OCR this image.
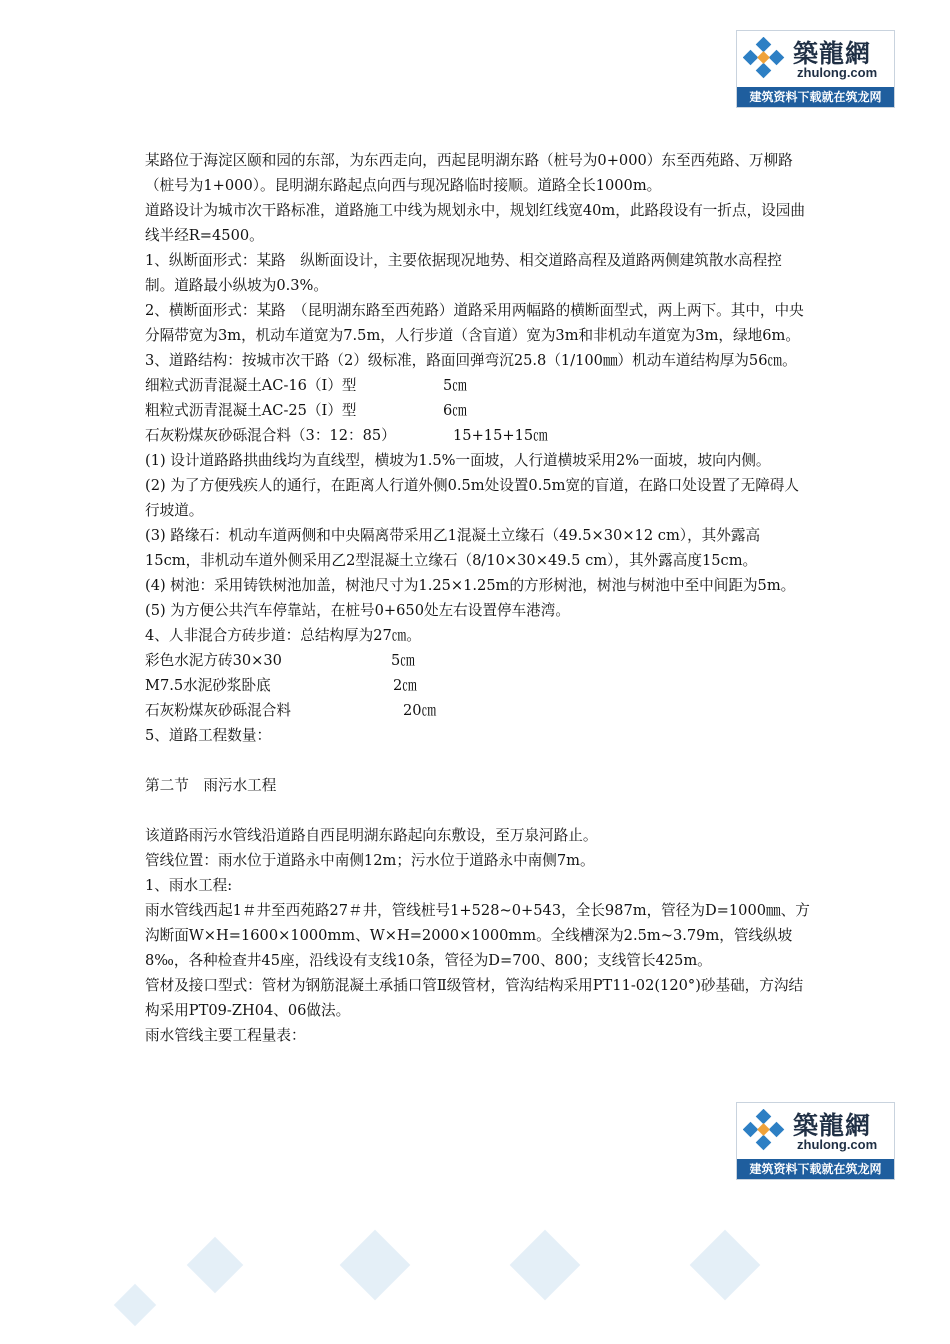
築龍網
zhulong.com
建筑资料下载就在筑龙网

某路位于海淀区颐和园的东部，为东西走向，西起昆明湖东路（桩号为0+000）东至西苑路、万柳路（桩号为1+000）。昆明湖东路起点向西与现况路临时接顺。道路全长1000m。

道路设计为城市次干路标准，道路施工中线为规划永中，规划红线宽40m，此路段设有一折点，设园曲线半经R=4500。

1、纵断面形式：某路　纵断面设计，主要依据现况地势、相交道路高程及道路两侧建筑散水高程控制。道路最小纵坡为0.3%。

2、横断面形式：某路　（昆明湖东路至西苑路）道路采用两幅路的横断面型式，两上两下。其中，中央分隔带宽为3m，机动车道宽为7.5m，人行步道（含盲道）宽为3m和非机动车道宽为3m，绿地6m。

3、道路结构：按城市次干路（2）级标准，路面回弹弯沉25.8（1/100㎜）机动车道结构厚为56㎝。

细粒式沥青混凝土AC-16（Ⅰ）型	5㎝

粗粒式沥青混凝土AC-25（Ⅰ）型	6㎝

石灰粉煤灰砂砾混合料（3：12：85）	15+15+15㎝

(1) 设计道路路拱曲线均为直线型，横坡为1.5%一面坡，人行道横坡采用2%一面坡，坡向内侧。

(2) 为了方便残疾人的通行，在距离人行道外侧0.5m处设置0.5m宽的盲道，在路口处设置了无障碍人行坡道。

(3) 路缘石：机动车道两侧和中央隔离带采用乙1混凝土立缘石（49.5×30×12 cm），其外露高15cm，非机动车道外侧采用乙2型混凝土立缘石（8/10×30×49.5 cm），其外露高度15cm。

(4) 树池：采用铸铁树池加盖，树池尺寸为1.25×1.25m的方形树池，树池与树池中至中间距为5m。

(5) 为方便公共汽车停靠站，在桩号0+650处左右设置停车港湾。

4、人非混合方砖步道：总结构厚为27㎝。

彩色水泥方砖30×30	5㎝

M7.5水泥砂浆卧底	2㎝

石灰粉煤灰砂砾混合料	20㎝

5、道路工程数量：

第二节　雨污水工程

该道路雨污水管线沿道路自西昆明湖东路起向东敷设，至万泉河路止。

管线位置：雨水位于道路永中南侧12m；污水位于道路永中南侧7m。

1、雨水工程:

雨水管线西起1＃井至西苑路27＃井，管线桩号1+528~0+543，全长987m，管径为D=1000㎜、方沟断面W×H=1600×1000mm、W×H=2000×1000mm。全线槽深为2.5m~3.79m，管线纵坡8‰，各种检查井45座，沿线设有支线10条，管径为D=700、800；支线管长425m。

管材及接口型式：管材为钢筋混凝土承插口管Ⅱ级管材，管沟结构采用PT11-02(120°)砂基础，方沟结构采用PT09-ZH04、06做法。

雨水管线主要工程量表：

築龍網
zhulong.com
建筑资料下载就在筑龙网
